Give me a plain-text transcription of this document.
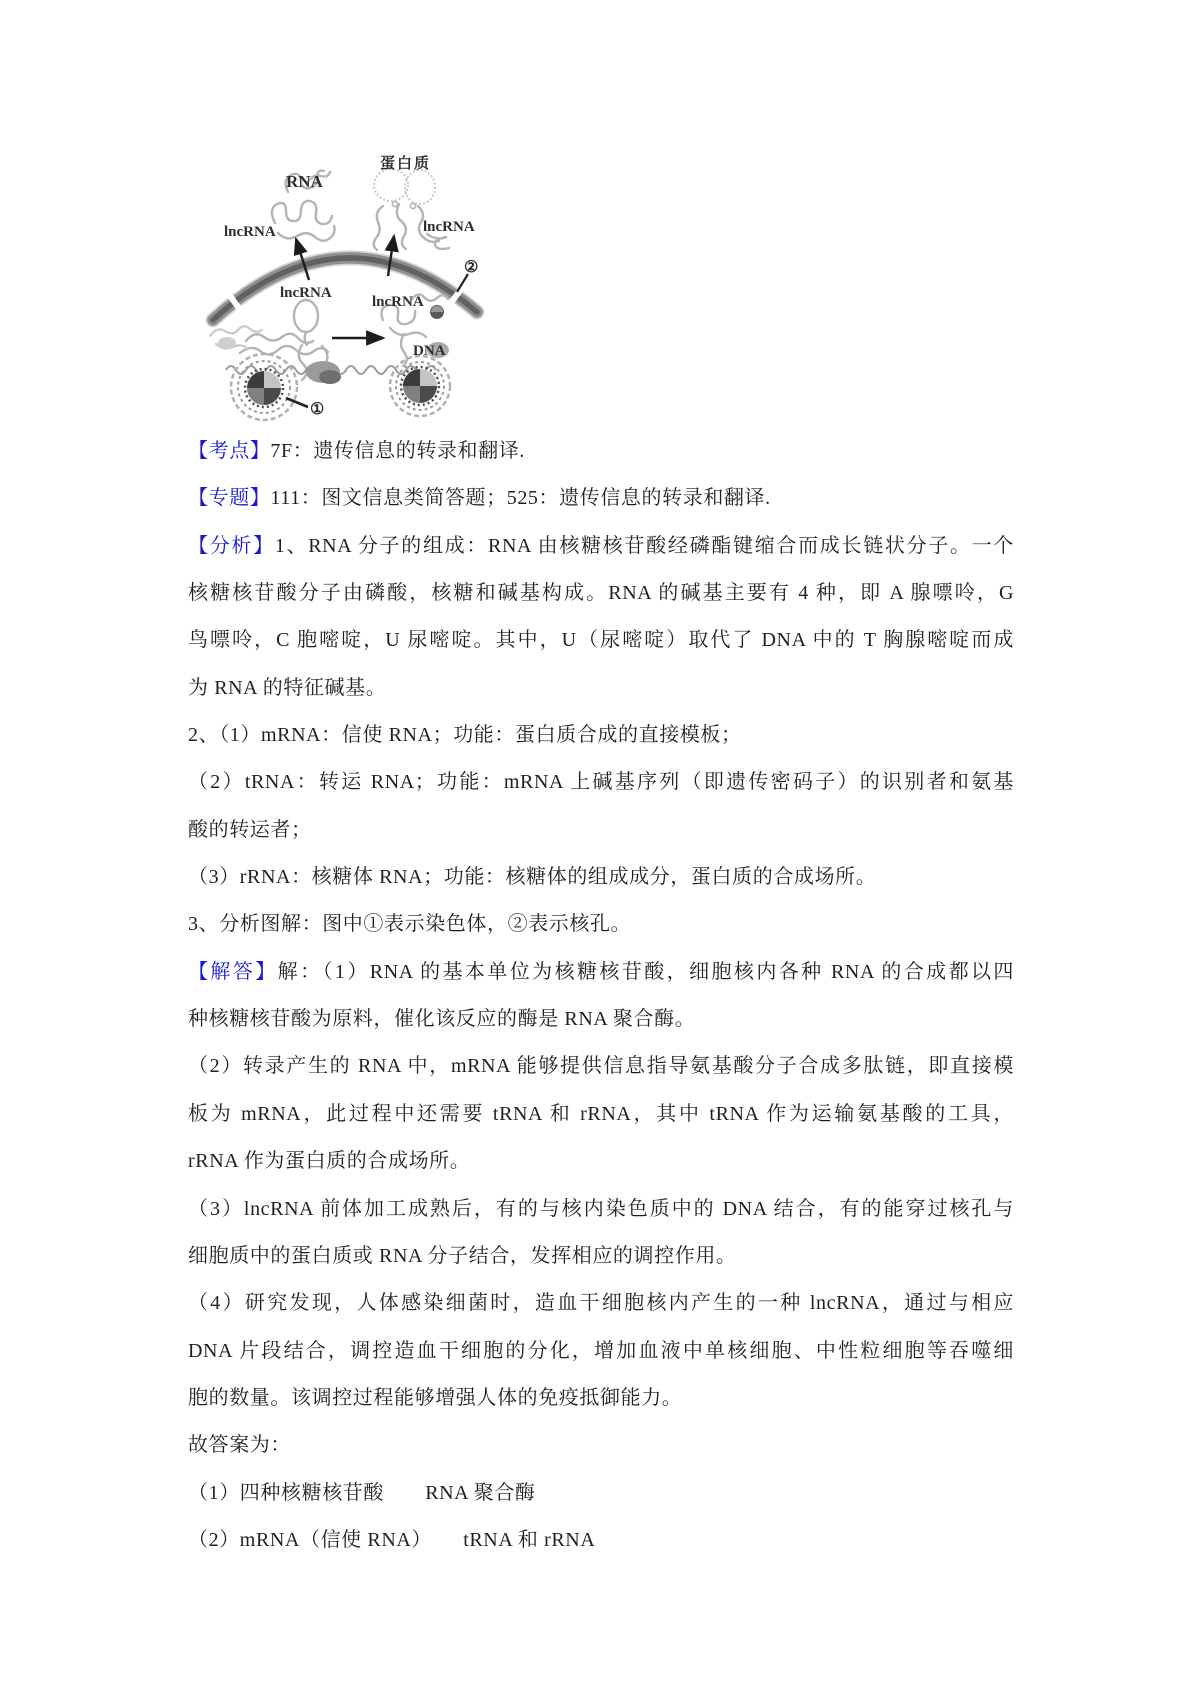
蛋白质
RNA
lncRNA	lncRNA
lncRNA
lncRNA
DNA
①
②
【考点】7F：遗传信息的转录和翻译.
【专题】111：图文信息类简答题；525：遗传信息的转录和翻译.
【分析】1、RNA 分子的组成：RNA 由核糖核苷酸经磷酯键缩合而成长链状分子。一个
核糖核苷酸分子由磷酸，核糖和碱基构成。RNA 的碱基主要有 4 种，即 A 腺嘌呤，G
鸟嘌呤，C 胞嘧啶，U 尿嘧啶。其中，U（尿嘧啶）取代了 DNA 中的 T 胸腺嘧啶而成
为 RNA 的特征碱基。
2、（1）mRNA：信使 RNA；功能：蛋白质合成的直接模板；
（2）tRNA：转运 RNA；功能：mRNA 上碱基序列（即遗传密码子）的识别者和氨基
酸的转运者；
（3）rRNA：核糖体 RNA；功能：核糖体的组成成分，蛋白质的合成场所。
3、分析图解：图中①表示染色体，②表示核孔。
【解答】解：（1）RNA 的基本单位为核糖核苷酸，细胞核内各种 RNA 的合成都以四
种核糖核苷酸为原料，催化该反应的酶是 RNA 聚合酶。
（2）转录产生的 RNA 中，mRNA 能够提供信息指导氨基酸分子合成多肽链，即直接模
板为 mRNA，此过程中还需要 tRNA 和 rRNA，其中 tRNA 作为运输氨基酸的工具，
rRNA 作为蛋白质的合成场所。
（3）lncRNA 前体加工成熟后，有的与核内染色质中的 DNA 结合，有的能穿过核孔与
细胞质中的蛋白质或 RNA 分子结合，发挥相应的调控作用。
（4）研究发现，人体感染细菌时，造血干细胞核内产生的一种 lncRNA，通过与相应
DNA 片段结合，调控造血干细胞的分化，增加血液中单核细胞、中性粒细胞等吞噬细
胞的数量。该调控过程能够增强人体的免疫抵御能力。
故答案为：
（1）四种核糖核苷酸　　RNA 聚合酶
（2）mRNA（信使 RNA）　　tRNA 和 rRNA
